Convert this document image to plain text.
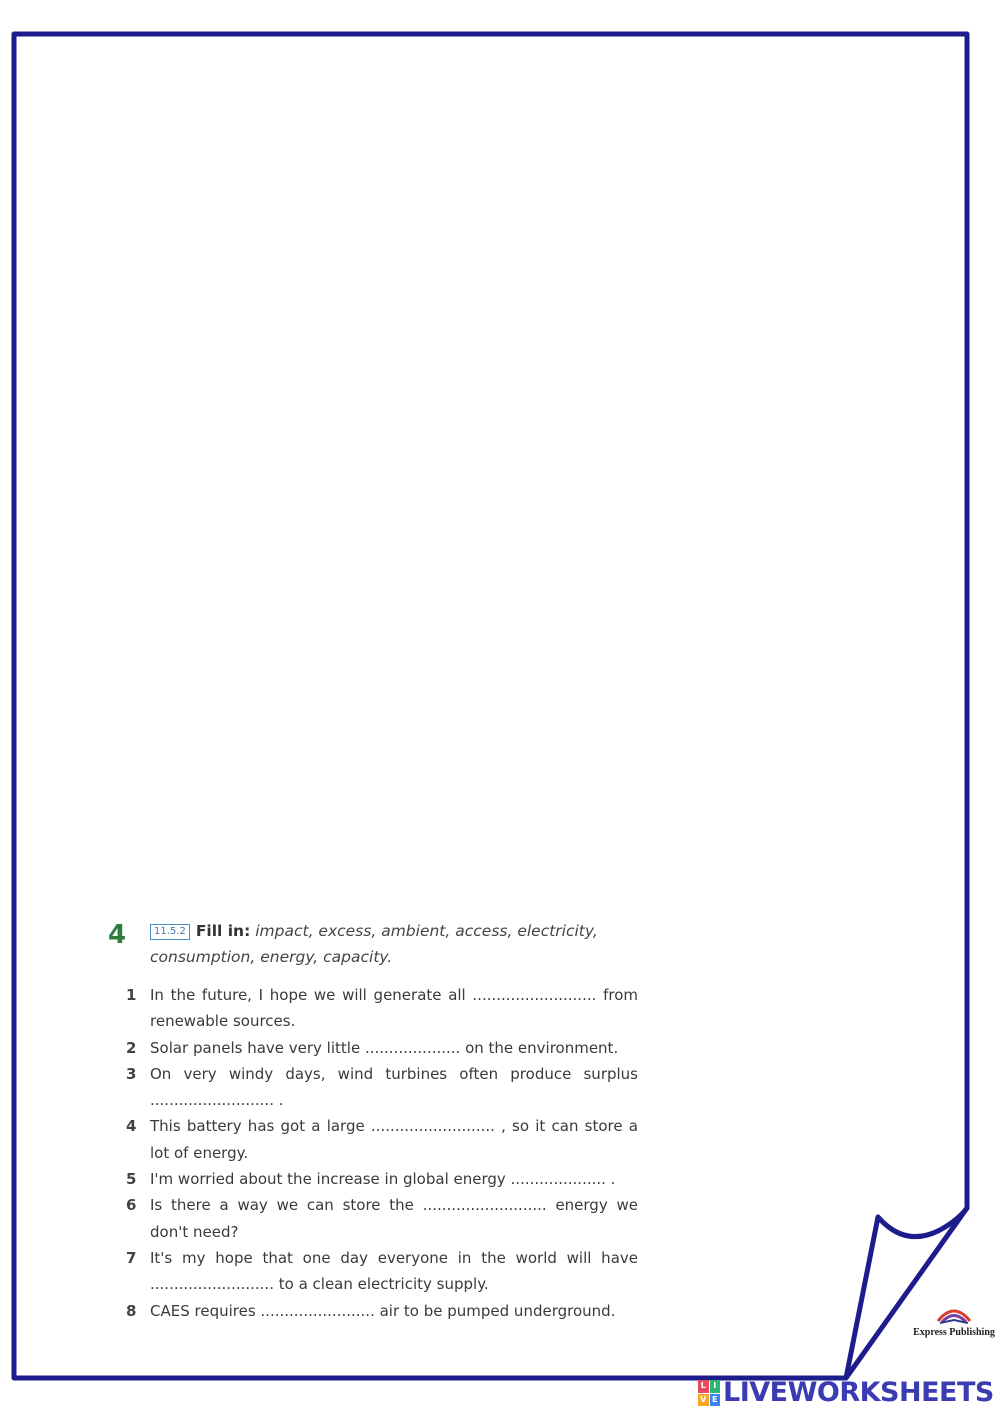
4	11.5.2 Fill in: impact, excess, ambient, access, electricity, consumption, energy, capacity.
1 In the future, I hope we will generate all .......................... from renewable sources.
2 Solar panels have very little .................... on the environment.
3 On very windy days, wind turbines often produce surplus .......................... .
4 This battery has got a large .......................... , so it can store a lot of energy.
5 I'm worried about the increase in global energy .................... .
6 Is there a way we can store the .......................... energy we don't need?
7 It's my hope that one day everyone in the world will have .......................... to a clean electricity supply.
8 CAES requires ........................ air to be pumped underground.
Express Publishing
L I
V E LIVEWORKSHEETS
